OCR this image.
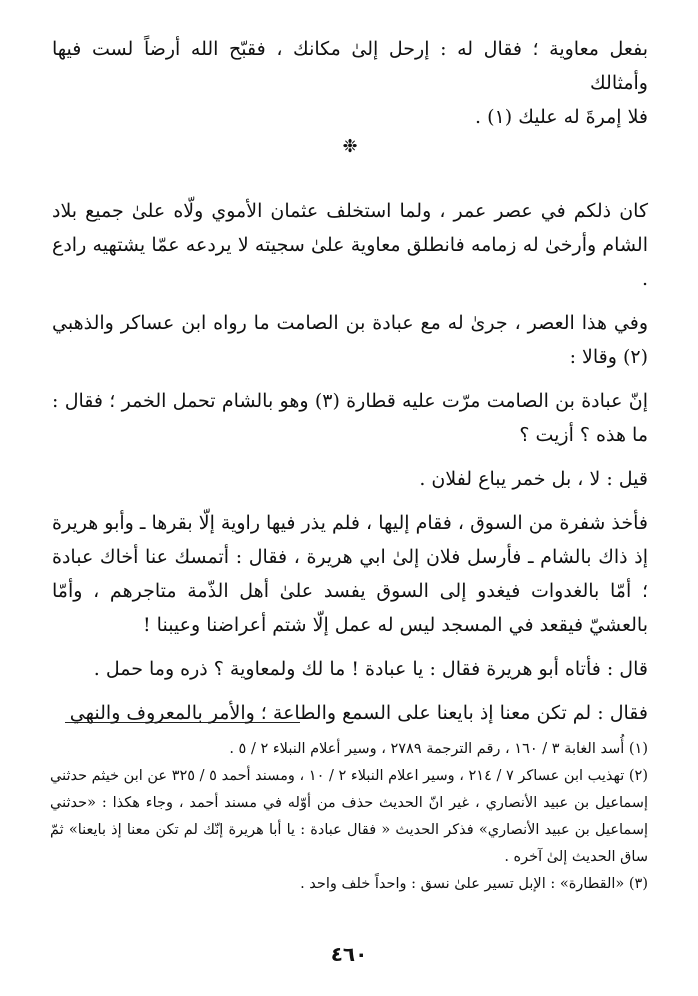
بفعل معاوية ؛ فقال له : إرحل إلىٰ مكانك ، فقبّح الله أرضاً لست فيها وأمثالك

فلا إمرةَ له عليك (١) .

❉

كان ذلكم في عصر عمر ، ولما استخلف عثمان الأموي ولّاه علىٰ جميع بلاد الشام وأرخىٰ له زمامه فانطلق معاوية علىٰ سجيته لا يردعه عمّا يشتهيه رادع .

وفي هذا العصر ، جرىٰ له مع عبادة بن الصامت ما رواه ابن عساكر والذهبي (٢) وقالا :

إنّ عبادة بن الصامت مرّت عليه قطارة (٣) وهو بالشام تحمل الخمر ؛ فقال : ما هذه ؟ أزيت ؟

قيل : لا ، بل خمر يباع لفلان .

فأخذ شفرة من السوق ، فقام إليها ، فلم يذر فيها راوية إلّا بقرها ـ وأبو هريرة إذ ذاك بالشام ـ فأرسل فلان إلىٰ ابي هريرة ، فقال : أتمسك عنا أخاك عبادة ؛ أمّا بالغدوات فيغدو إلى السوق يفسد علىٰ أهل الذّمة متاجرهم ، وأمّا بالعشيّ فيقعد في المسجد ليس له عمل إلّا شتم أعراضنا وعيبنا !

قال : فأتاه أبو هريرة فقال : يا عبادة ! ما لك ولمعاوية ؟ ذره وما حمل .

فقال : لم تكن معنا إذ بايعنا على السمع والطاعة ؛ والأمر بالمعروف والنهي

(١) أُسد الغابة ٣ / ١٦٠ ، رقم الترجمة ٢٧٨٩ ، وسير أعلام النبلاء ٢ / ٥ .

(٢) تهذيب ابن عساكر ٧ / ٢١٤ ، وسير اعلام النبلاء ٢ / ١٠ ، ومسند أحمد ٥ / ٣٢٥ عن ابن خيثم حدثني إسماعيل بن عبيد الأنصاري ، غير انّ الحديث حذف من أوّله في مسند أحمد ، وجاء هكذا : «حدثني إسماعيل بن عبيد الأنصاري» فذكر الحديث « فقال عبادة : يا أبا هريرة إنّك لم تكن معنا إذ بايعنا» ثمّ ساق الحديث إلىٰ آخره .

(٣) «القطارة» : الإبل تسير علىٰ نسق : واحداً خلف واحد .

٤٦٠
